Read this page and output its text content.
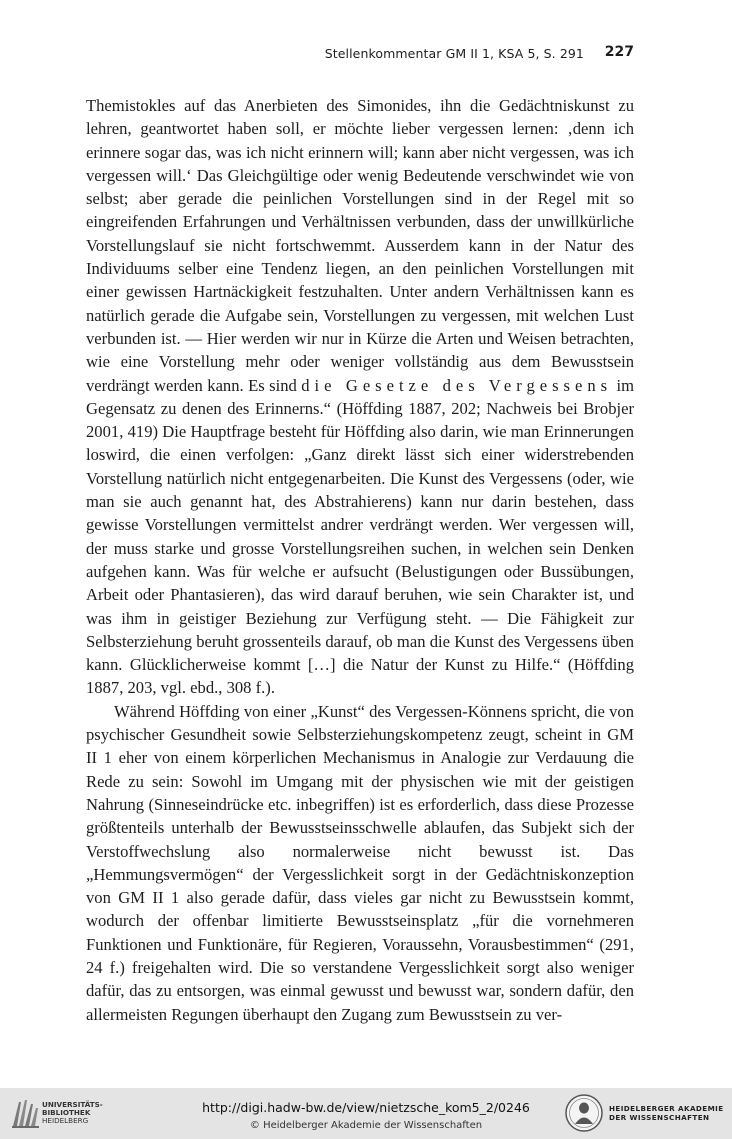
Stellenkommentar GM II 1, KSA 5, S. 291 227

Themistokles auf das Anerbieten des Simonides, ihn die Gedächtniskunst zu lehren, geantwortet haben soll, er möchte lieber vergessen lernen: ‚denn ich erinnere sogar das, was ich nicht erinnern will; kann aber nicht vergessen, was ich vergessen will.‘ Das Gleichgültige oder wenig Bedeutende verschwindet wie von selbst; aber gerade die peinlichen Vorstellungen sind in der Regel mit so eingreifenden Erfahrungen und Verhältnissen verbunden, dass der unwillkürliche Vorstellungslauf sie nicht fortschwemmt. Ausserdem kann in der Natur des Individuums selber eine Tendenz liegen, an den peinlichen Vorstellungen mit einer gewissen Hartnäckigkeit festzuhalten. Unter andern Verhältnissen kann es natürlich gerade die Aufgabe sein, Vorstellungen zu vergessen, mit welchen Lust verbunden ist. — Hier werden wir nur in Kürze die Arten und Weisen betrachten, wie eine Vorstellung mehr oder weniger vollständig aus dem Bewusstsein verdrängt werden kann. Es sind die Gesetze des Vergessens im Gegensatz zu denen des Erinnerns.“ (Höffding 1887, 202; Nachweis bei Brobjer 2001, 419) Die Hauptfrage besteht für Höffding also darin, wie man Erinnerungen loswird, die einen verfolgen: „Ganz direkt lässt sich einer widerstrebenden Vorstellung natürlich nicht entgegenarbeiten. Die Kunst des Vergessens (oder, wie man sie auch genannt hat, des Abstrahierens) kann nur darin bestehen, dass gewisse Vorstellungen vermittelst andrer verdrängt werden. Wer vergessen will, der muss starke und grosse Vorstellungsreihen suchen, in welchen sein Denken aufgehen kann. Was für welche er aufsucht (Belustigungen oder Bussübungen, Arbeit oder Phantasieren), das wird darauf beruhen, wie sein Charakter ist, und was ihm in geistiger Beziehung zur Verfügung steht. — Die Fähigkeit zur Selbsterziehung beruht grossenteils darauf, ob man die Kunst des Vergessens üben kann. Glücklicherweise kommt […] die Natur der Kunst zu Hilfe.“ (Höffding 1887, 203, vgl. ebd., 308 f.).

Während Höffding von einer „Kunst“ des Vergessen-Könnens spricht, die von psychischer Gesundheit sowie Selbsterziehungskompetenz zeugt, scheint in GM II 1 eher von einem körperlichen Mechanismus in Analogie zur Verdauung die Rede zu sein: Sowohl im Umgang mit der physischen wie mit der geistigen Nahrung (Sinneseindrücke etc. inbegriffen) ist es erforderlich, dass diese Prozesse größtenteils unterhalb der Bewusstseinsschwelle ablaufen, das Subjekt sich der Verstoffwechslung also normalerweise nicht bewusst ist. Das „Hemmungsvermögen“ der Vergesslichkeit sorgt in der Gedächtniskonzeption von GM II 1 also gerade dafür, dass vieles gar nicht zu Bewusstsein kommt, wodurch der offenbar limitierte Bewusstseinsplatz „für die vornehmeren Funktionen und Funktionäre, für Regieren, Voraussehn, Vorausbestimmen“ (291, 24 f.) freigehalten wird. Die so verstandene Vergesslichkeit sorgt also weniger dafür, das zu entsorgen, was einmal gewusst und bewusst war, sondern dafür, den allermeisten Regungen überhaupt den Zugang zum Bewusstsein zu ver-

UNIVERSITÄTS-
BIBLIOTHEK
HEIDELBERG
http://digi.hadw-bw.de/view/nietzsche_kom5_2/0246
© Heidelberger Akademie der Wissenschaften
HEIDELBERGER AKADEMIE
DER WISSENSCHAFTEN
